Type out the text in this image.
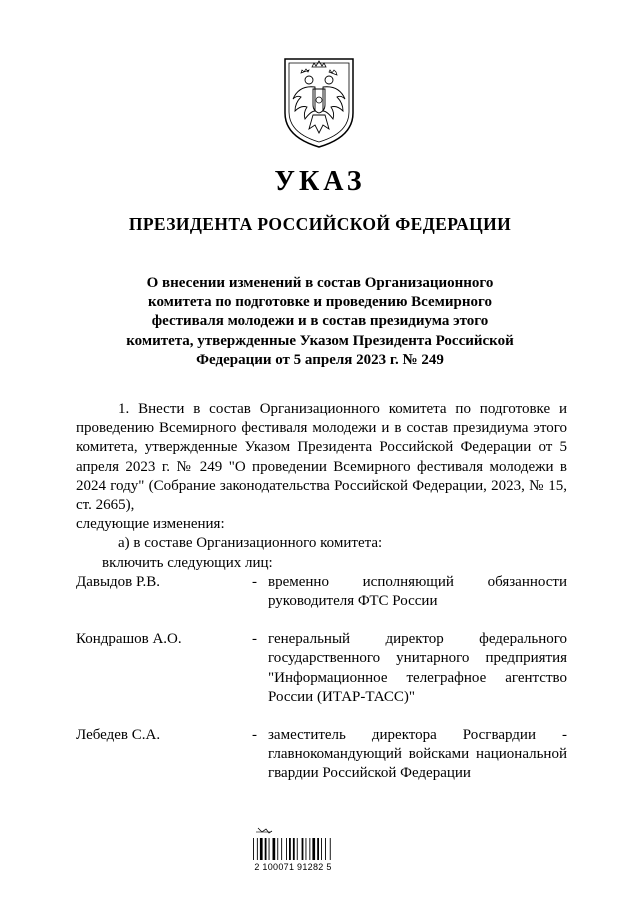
УКАЗ
ПРЕЗИДЕНТА РОССИЙСКОЙ ФЕДЕРАЦИИ
О внесении изменений в состав Организационного
комитета по подготовке и проведению Всемирного
фестиваля молодежи и в состав президиума этого
комитета, утвержденные Указом Президента Российской
Федерации от 5 апреля 2023 г. № 249

1. Внести в состав Организационного комитета по подготовке и проведению Всемирного фестиваля молодежи и в состав президиума этого комитета, утвержденные Указом Президента Российской Федерации от 5 апреля 2023 г. № 249 "О проведении Всемирного фестиваля молодежи в 2024 году" (Собрание законодательства Российской Федерации, 2023, № 15, ст. 2665),

следующие изменения:

а) в составе Организационного комитета:

включить следующих лиц:

Давыдов Р.В.	- временно исполняющий обязанности руководителя ФТС России
Кондрашов А.О.	- генеральный директор федерального государственного унитарного предприятия "Информационное телеграфное агентство России (ИТАР-ТАСС)"
Лебедев С.А.	- заместитель директора Росгвардии - главнокомандующий войсками национальной гвардии Российской Федерации
2 100071 91282 5
